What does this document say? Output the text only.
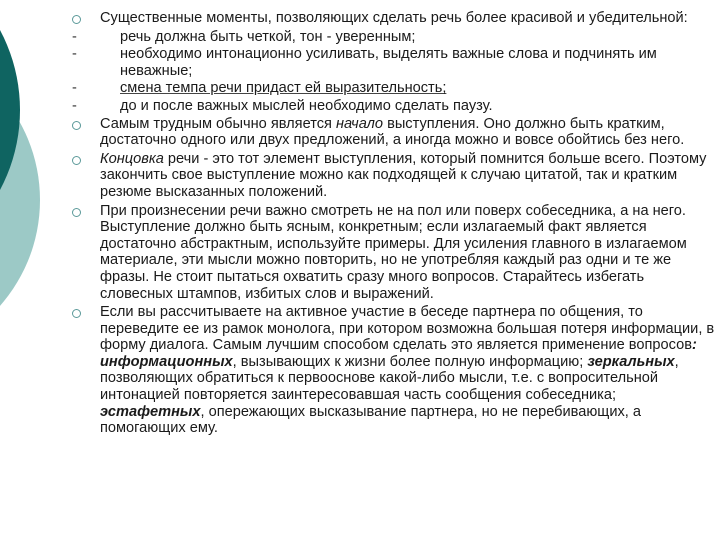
Существенные моменты, позволяющих сделать речь более красивой и убедительной:
-	речь должна быть четкой, тон - уверенным;
-	необходимо интонационно усиливать, выделять важные слова и подчинять им неважные;
-	смена темпа речи придаст ей выразительность;
-	до и после важных мыслей необходимо сделать паузу.
Самым трудным обычно является начало выступления. Оно должно быть кратким, достаточно одного или двух предложений, а иногда можно и вовсе обойтись без него.
Концовка речи - это тот элемент выступления, который помнится больше всего. Поэтому закончить свое выступление можно как подходящей к случаю цитатой, так и кратким резюме высказанных положений.
При произнесении речи важно смотреть не на пол или поверх собеседника, а на него. Выступление должно быть ясным, конкретным; если излагаемый факт является достаточно абстрактным, используйте примеры. Для усиления главного в излагаемом материале, эти мысли можно повторить, но не употребляя каждый раз одни и те же фразы. Не стоит пытаться охватить сразу много вопросов. Старайтесь избегать словесных штампов, избитых слов и выражений.
Если вы рассчитываете на активное участие в беседе партнера по общения, то переведите ее из рамок монолога, при котором возможна большая потеря информации, в форму диалога. Самым лучшим способом сделать это является применение вопросов: информационных, вызывающих к жизни более полную информацию; зеркальных, позволяющих обратиться к первооснове какой-либо мысли, т.е. с вопросительной интонацией повторяется заинтересовавшая часть сообщения собеседника; эстафетных, опережающих высказывание партнера, но не перебивающих, а помогающих ему.
